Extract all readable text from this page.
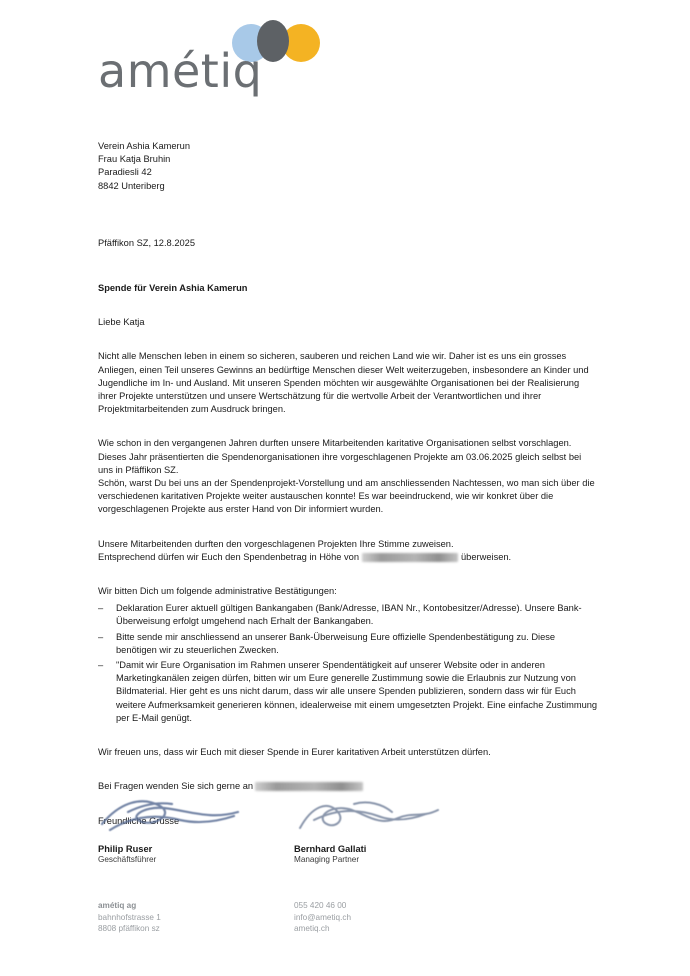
amétiq
Verein Ashia Kamerun
Frau Katja Bruhin
Paradiesli 42
8842 Unteriberg
Pfäffikon SZ, 12.8.2025
Spende für Verein Ashia Kamerun
Liebe Katja
Nicht alle Menschen leben in einem so sicheren, sauberen und reichen Land wie wir. Daher ist es uns ein grosses Anliegen, einen Teil unseres Gewinns an bedürftige Menschen dieser Welt weiterzugeben, insbesondere an Kinder und Jugendliche im In- und Ausland. Mit unseren Spenden möchten wir ausgewählte Organisationen bei der Realisierung ihrer Projekte unterstützen und unsere Wertschätzung für die wertvolle Arbeit der Verantwortlichen und ihrer Projektmitarbeitenden zum Ausdruck bringen.
Wie schon in den vergangenen Jahren durften unsere Mitarbeitenden karitative Organisationen selbst vorschlagen. Dieses Jahr präsentierten die Spendenorganisationen ihre vorgeschlagenen Projekte am 03.06.2025 gleich selbst bei uns in Pfäffikon SZ.
Schön, warst Du bei uns an der Spendenprojekt-Vorstellung und am anschliessenden Nachtessen, wo man sich über die verschiedenen karitativen Projekte weiter austauschen konnte! Es war beeindruckend, wie wir konkret über die vorgeschlagenen Projekte aus erster Hand von Dir informiert wurden.
Unsere Mitarbeitenden durften den vorgeschlagenen Projekten Ihre Stimme zuweisen.
Entsprechend dürfen wir Euch den Spendenbetrag in Höhe von	überweisen.
Wir bitten Dich um folgende administrative Bestätigungen:
– Deklaration Eurer aktuell gültigen Bankangaben (Bank/Adresse, IBAN Nr., Kontobesitzer/Adresse). Unsere Bank-Überweisung erfolgt umgehend nach Erhalt der Bankangaben.
– Bitte sende mir anschliessend an unserer Bank-Überweisung Eure offizielle Spendenbestätigung zu. Diese benötigen wir zu steuerlichen Zwecken.
– "Damit wir Eure Organisation im Rahmen unserer Spendentätigkeit auf unserer Website oder in anderen Marketingkanälen zeigen dürfen, bitten wir um Eure generelle Zustimmung sowie die Erlaubnis zur Nutzung von Bildmaterial. Hier geht es uns nicht darum, dass wir alle unsere Spenden publizieren, sondern dass wir für Euch weitere Aufmerksamkeit generieren können, idealerweise mit einem umgesetzten Projekt. Eine einfache Zustimmung per E-Mail genügt.
Wir freuen uns, dass wir Euch mit dieser Spende in Eurer karitativen Arbeit unterstützen dürfen.
Bei Fragen wenden Sie sich gerne an
Freundliche Grüsse
Philip Ruser
Geschäftsführer
Bernhard Gallati
Managing Partner
amétiq ag
bahnhofstrasse 1
8808 pfäffikon sz
055 420 46 00
info@ametiq.ch
ametiq.ch
